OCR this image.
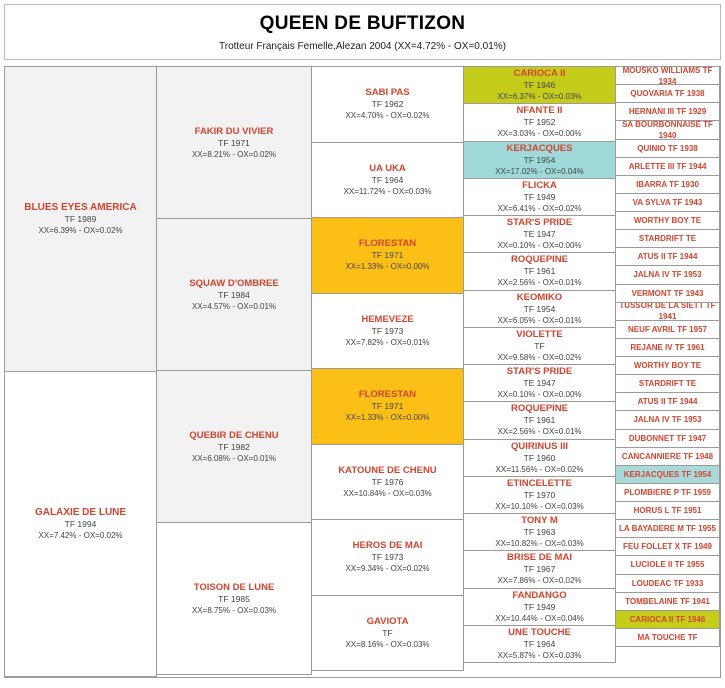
QUEEN DE BUFTIZON
Trotteur Français Femelle,Alezan 2004 (XX=4.72% - OX=0.01%)
BLUES EYES AMERICA
TF 1989
XX=6.39% - OX=0.02%
GALAXIE DE LUNE
TF 1994
XX=7.42% - OX=0.02%
FAKIR DU VIVIER
TF 1971
XX=8.21% - OX=0.02%
SQUAW D'OMBREE
TF 1984
XX=4.57% - OX=0.01%
QUEBIR DE CHENU
TF 1982
XX=6.08% - OX=0.01%
TOISON DE LUNE
TF 1985
XX=8.75% - OX=0.03%
SABI PAS
TF 1962
XX=4.70% - OX=0.02%
UA UKA
TF 1964
XX=11.72% - OX=0.03%
FLORESTAN
TF 1971
XX=1.33% - OX=0.00%
HEMEVEZE
TF 1973
XX=7.82% - OX=0.01%
FLORESTAN
TF 1971
XX=1.33% - OX=0.00%
KATOUNE DE CHENU
TF 1976
XX=10.84% - OX=0.03%
HEROS DE MAI
TF 1973
XX=9.34% - OX=0.02%
GAVIOTA
TF
XX=8.16% - OX=0.03%
CARIOCA II
TF 1946
XX=6.37% - OX=0.03%
NFANTE II
TF 1952
XX=3.03% - OX=0.00%
KERJACQUES
TF 1954
XX=17.02% - OX=0.04%
FLICKA
TF 1949
XX=6.41% - OX=0.02%
STAR'S PRIDE
TE 1947
XX=0.10% - OX=0.00%
ROQUEPINE
TF 1961
XX=2.56% - OX=0.01%
KEOMIKO
TF 1954
XX=6.05% - OX=0.01%
VIOLETTE
TF
XX=9.58% - OX=0.02%
STAR'S PRIDE
TE 1947
XX=0.10% - OX=0.00%
ROQUEPINE
TF 1961
XX=2.56% - OX=0.01%
QUIRINUS III
TF 1960
XX=11.56% - OX=0.02%
ETINCELETTE
TF 1970
XX=10.10% - OX=0.03%
TONY M
TF 1963
XX=10.82% - OX=0.03%
BRISE DE MAI
TF 1967
XX=7.86% - OX=0.02%
FANDANGO
TF 1949
XX=10.44% - OX=0.04%
UNE TOUCHE
TF 1964
XX=5.87% - OX=0.03%
MOUSKO WILLIAMS TF 1934
QUOVARIA TF 1938
HERNANI III TF 1929
SA BOURBONNAISE TF 1940
QUINIO TF 1938
ARLETTE III TF 1944
IBARRA TF 1930
VA SYLVA TF 1943
WORTHY BOY TE
STARDRIFT TE
ATUS II TF 1944
JALNA IV TF 1953
VERMONT TF 1943
TUSSOR DE LA SIETT TF 1941
NEUF AVRIL TF 1957
REJANE IV TF 1961
WORTHY BOY TE
STARDRIFT TE
ATUS II TF 1944
JALNA IV TF 1953
DUBONNET TF 1947
CANCANNIERE TF 1948
KERJACQUES TF 1954
PLOMBIERE P TF 1959
HORUS L TF 1951
LA BAYADERE M TF 1955
FEU FOLLET X TF 1949
LUCIOLE II TF 1955
LOUDEAC TF 1933
TOMBELAINE TF 1941
CARIOCA II TF 1946
MA TOUCHE TF
